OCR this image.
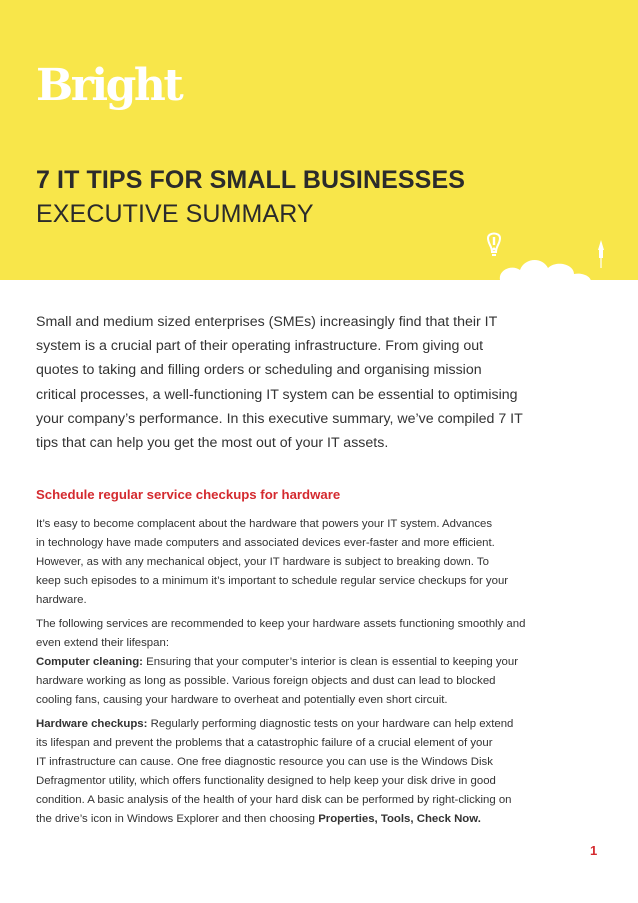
Bright
7 IT TIPS FOR SMALL BUSINESSES
EXECUTIVE SUMMARY
Small and medium sized enterprises (SMEs) increasingly find that their IT
system is a crucial part of their operating infrastructure. From giving out
quotes to taking and filling orders or scheduling and organising mission
critical processes, a well-functioning IT system can be essential to optimising
your company’s performance. In this executive summary, we’ve compiled 7 IT
tips that can help you get the most out of your IT assets.
Schedule regular service checkups for hardware

It’s easy to become complacent about the hardware that powers your IT system. Advances
in technology have made computers and associated devices ever-faster and more efficient.
However, as with any mechanical object, your IT hardware is subject to breaking down. To
keep such episodes to a minimum it’s important to schedule regular service checkups for your
hardware.

The following services are recommended to keep your hardware assets functioning smoothly and
even extend their lifespan:
Computer cleaning: Ensuring that your computer’s interior is clean is essential to keeping your
hardware working as long as possible. Various foreign objects and dust can lead to blocked
cooling fans, causing your hardware to overheat and potentially even short circuit.

Hardware checkups: Regularly performing diagnostic tests on your hardware can help extend
its lifespan and prevent the problems that a catastrophic failure of a crucial element of your
IT infrastructure can cause. One free diagnostic resource you can use is the Windows Disk
Defragmentor utility, which offers functionality designed to help keep your disk drive in good
condition. A basic analysis of the health of your hard disk can be performed by right-clicking on
the drive’s icon in Windows Explorer and then choosing Properties, Tools, Check Now.

1
